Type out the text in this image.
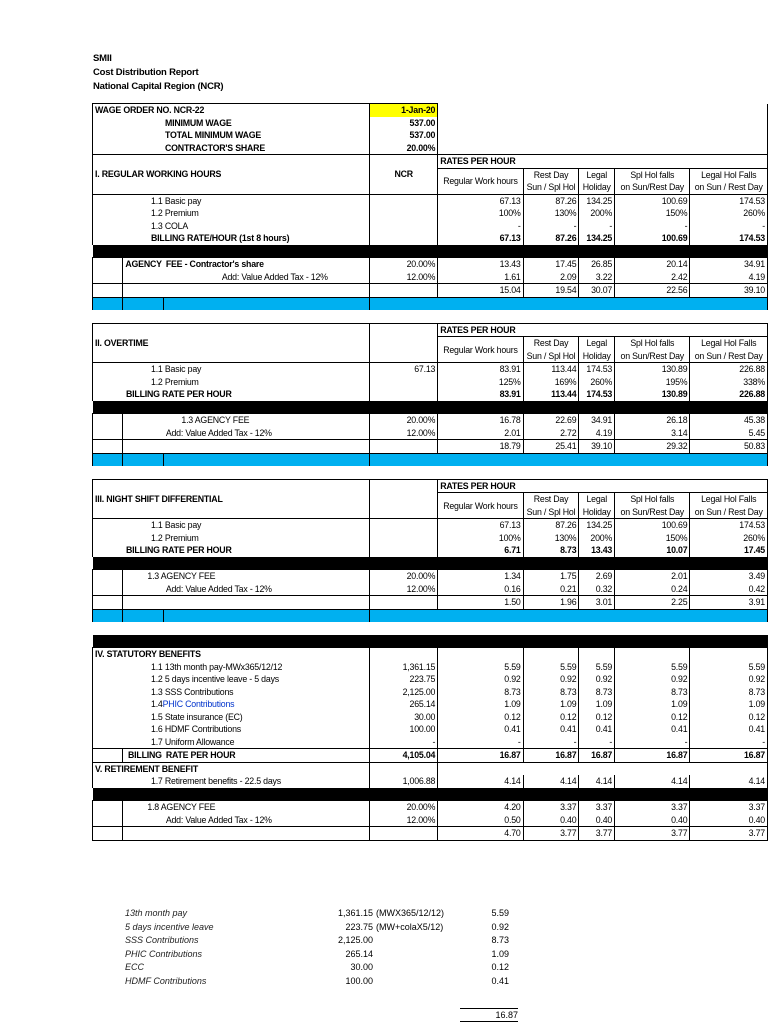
SMII
Cost Distribution Report
National Capital Region (NCR)
WAGE ORDER NO. NCR-22			1-Jan-20					
MINIMUM WAGE			537.00					
TOTAL MINIMUM WAGE			537.00					
CONTRACTOR'S SHARE			20.00%					
I. REGULAR WORKING HOURS			NCR	RATES PER HOUR				
				Regular Work hours	Rest Day	Legal	Spl Hol falls	Legal Hol Falls
					Sun / Spl Hol	Holiday	on Sun/Rest Day	on Sun / Rest Day
1.1 Basic pay				67.13	87.26	134.25	100.69	174.53
1.2 Premium				100%	130%	200%	150%	260%
1.3 COLA				-	-	-	-	-
BILLING RATE/HOUR (1st 8 hours)				67.13	87.26	134.25	100.69	174.53

	AGENCY	FEE - Contractor's share	20.00%	13.43	17.45	26.85	20.14	34.91
		Add: Value Added Tax - 12%	12.00%	1.61	2.09	3.22	2.42	4.19
				15.04	19.54	30.07	22.56	39.10

II. OVERTIME				RATES PER HOUR				
				Regular Work hours	Rest Day	Legal	Spl Hol falls	Legal Hol Falls
					Sun / Spl Hol	Holiday	on Sun/Rest Day	on Sun / Rest Day
1.1 Basic pay			67.13	83.91	113.44	174.53	130.89	226.88
1.2 Premium				125%	169%	260%	195%	338%
BILLING RATE PER HOUR				83.91	113.44	174.53	130.89	226.88

	1.3 AGENCY FEE		20.00%	16.78	22.69	34.91	26.18	45.38
		Add: Value Added Tax - 12%	12.00%	2.01	2.72	4.19	3.14	5.45
				18.79	25.41	39.10	29.32	50.83

III. NIGHT SHIFT DIFFERENTIAL				RATES PER HOUR				
				Regular Work hours	Rest Day	Legal	Spl Hol falls	Legal Hol Falls
					Sun / Spl Hol	Holiday	on Sun/Rest Day	on Sun / Rest Day
1.1 Basic pay				67.13	87.26	134.25	100.69	174.53
1.2 Premium				100%	130%	200%	150%	260%
BILLING RATE PER HOUR				6.71	8.73	13.43	10.07	17.45

	1.3 AGENCY FEE		20.00%	1.34	1.75	2.69	2.01	3.49
		Add: Value Added Tax - 12%	12.00%	0.16	0.21	0.32	0.24	0.42
				1.50	1.96	3.01	2.25	3.91

IV. STATUTORY BENEFITS								
1.1 13th month pay-MWx365/12/12			1,361.15	5.59	5.59	5.59	5.59	5.59
1.2 5 days incentive leave - 5 days			223.75	0.92	0.92	0.92	0.92	0.92
1.3 SSS Contributions			2,125.00	8.73	8.73	8.73	8.73	8.73
1.4PHIC Contributions			265.14	1.09	1.09	1.09	1.09	1.09
1.5 State insurance (EC)			30.00	0.12	0.12	0.12	0.12	0.12
1.6 HDMF Contributions			100.00	0.41	0.41	0.41	0.41	0.41
1.7 Uniform Allowance			-	-	-	-	-	-
	BILLING	RATE PER HOUR	4,105.04	16.87	16.87	16.87	16.87	16.87
V. RETIREMENT BENEFIT								
1.7 Retirement benefits - 22.5 days			1,006.88	4.14	4.14	4.14	4.14	4.14

	1.8 AGENCY FEE		20.00%	4.20	3.37	3.37	3.37	3.37
		Add: Value Added Tax - 12%	12.00%	0.50	0.40	0.40	0.40	0.40
				4.70	3.77	3.77	3.77	3.77
13th month pay	1,361.15	(MWX365/12/12)	5.59
5 days incentive leave	223.75	(MW+colaX5/12)	0.92
SSS Contributions	2,125.00		8.73
PHIC Contributions	265.14		1.09
ECC	30.00		0.12
HDMF Contributions	100.00		0.41
16.87
